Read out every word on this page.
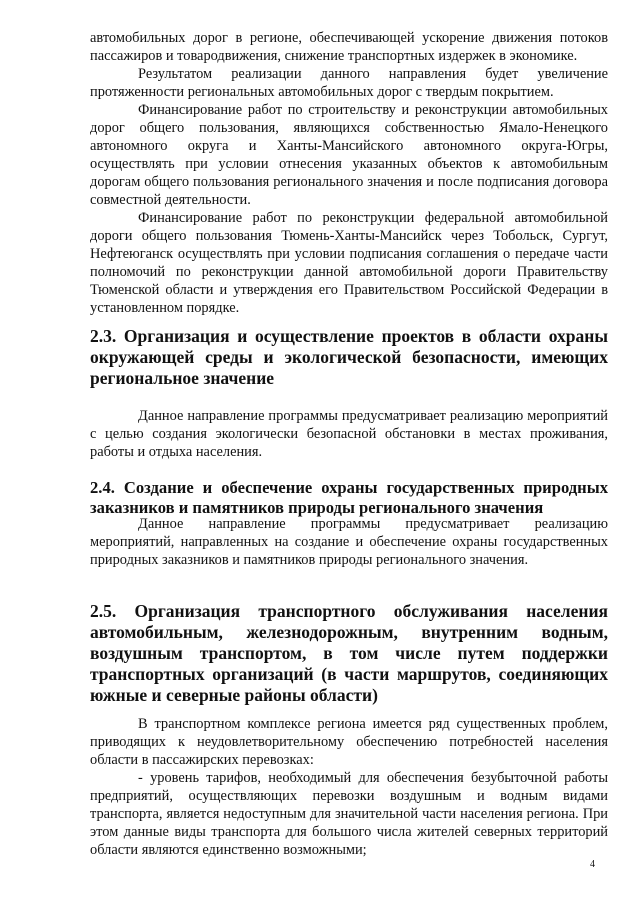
автомобильных дорог в регионе, обеспечивающей ускорение движения потоков пассажиров и товародвижения, снижение транспортных издержек в экономике.

Результатом реализации данного направления будет увеличение протяженности региональных автомобильных дорог с твердым покрытием.

Финансирование работ по строительству и реконструкции автомобильных дорог общего пользования, являющихся собственностью Ямало-Ненецкого автономного округа и Ханты-Мансийского автономного округа-Югры, осуществлять при условии отнесения указанных объектов к автомобильным дорогам общего пользования регионального значения и после подписания договора совместной деятельности.

Финансирование работ по реконструкции федеральной автомобильной дороги общего пользования Тюмень-Ханты-Мансийск через Тобольск, Сургут, Нефтеюганск осуществлять при условии подписания соглашения о передаче части полномочий по реконструкции данной автомобильной дороги Правительству Тюменской области и утверждения его Правительством Российской Федерации в установленном порядке.

2.3. Организация и осуществление проектов в области охраны окружающей среды и экологической безопасности, имеющих региональное значение

Данное направление программы предусматривает реализацию мероприятий с целью создания экологически безопасной обстановки в местах проживания, работы и отдыха населения.

2.4. Создание и обеспечение охраны государственных природных заказников и памятников природы регионального значения

Данное направление программы предусматривает реализацию мероприятий, направленных на создание и обеспечение охраны государственных природных заказников и памятников природы регионального значения.

2.5. Организация транспортного обслуживания населения автомобильным, железнодорожным, внутренним водным, воздушным транспортом, в том числе путем поддержки транспортных организаций (в части маршрутов, соединяющих южные и северные районы области)

В транспортном комплексе региона имеется ряд существенных проблем, приводящих к неудовлетворительному обеспечению потребностей населения области в пассажирских перевозках:

- уровень тарифов, необходимый для обеспечения безубыточной работы предприятий, осуществляющих перевозки воздушным и водным видами транспорта, является недоступным для значительной части населения региона. При этом данные виды транспорта для большого числа жителей северных территорий области являются единственно возможными;

4
